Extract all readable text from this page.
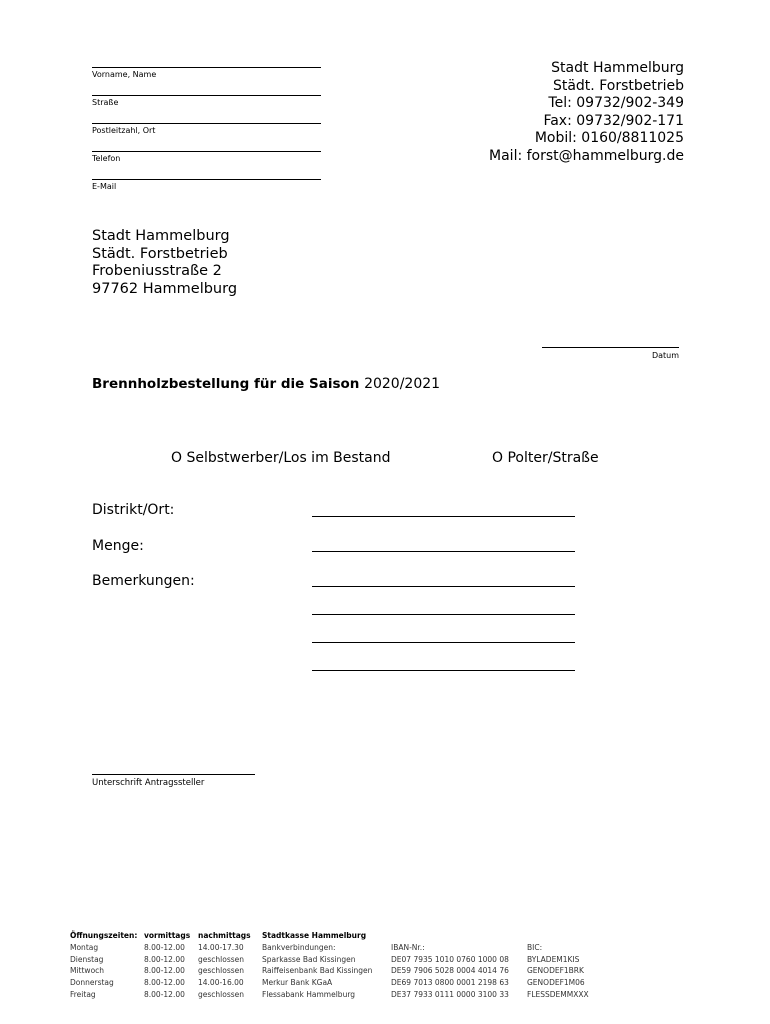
Vorname, Name
Straße
Postleitzahl, Ort
Telefon
E-Mail
Stadt Hammelburg
Städt. Forstbetrieb
Tel: 09732/902-349
Fax: 09732/902-171
Mobil: 0160/8811025
Mail: forst@hammelburg.de
Stadt Hammelburg
Städt. Forstbetrieb
Frobeniusstraße 2
97762 Hammelburg
Datum
Brennholzbestellung für die Saison 2020/2021
O Selbstwerber/Los im Bestand	O Polter/Straße
Distrikt/Ort:
Menge:
Bemerkungen:
Unterschrift Antragssteller
Öffnungszeiten:
Montag
Dienstag
Mittwoch
Donnerstag
Freitag
vormittags
8.00-12.00
8.00-12.00
8.00-12.00
8.00-12.00
8.00-12.00
nachmittags
14.00-17.30
geschlossen
geschlossen
14.00-16.00
geschlossen
Stadtkasse Hammelburg
Bankverbindungen:
Sparkasse Bad Kissingen
Raiffeisenbank Bad Kissingen
Merkur Bank KGaA
Flessabank Hammelburg

IBAN-Nr.:
DE07 7935 1010 0760 1000 08
DE59 7906 5028 0004 4014 76
DE69 7013 0800 0001 2198 63
DE37 7933 0111 0000 3100 33

BIC:
BYLADEM1KIS
GENODEF1BRK
GENODEF1M06
FLESSDEMMXXX
